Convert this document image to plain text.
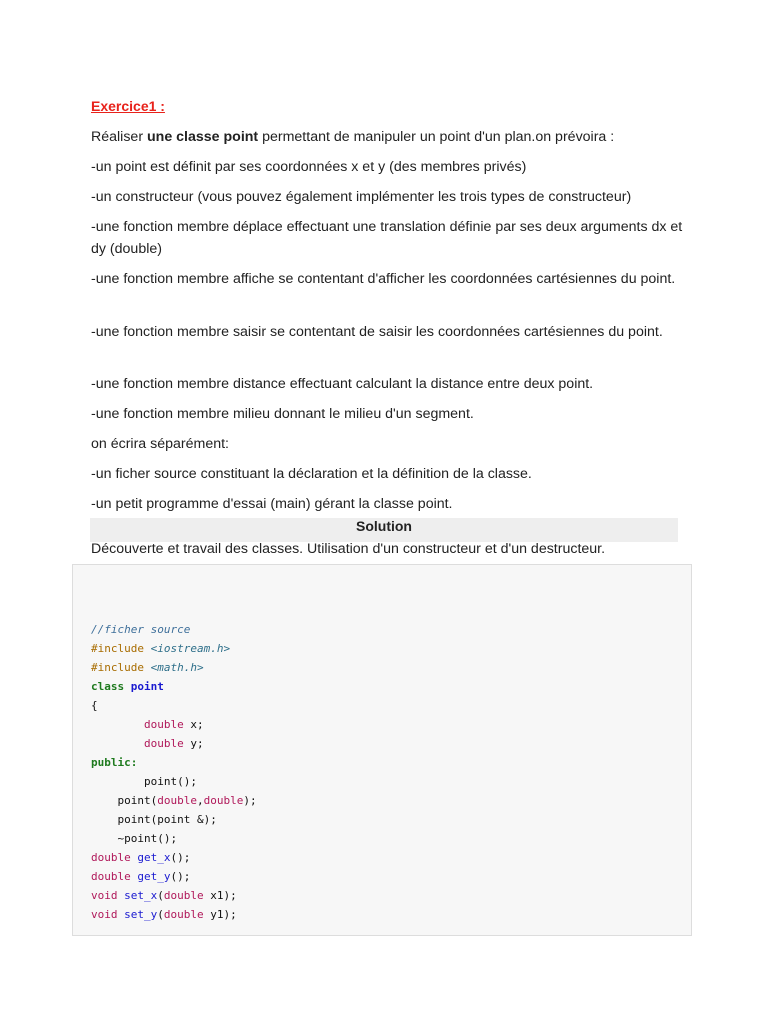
Exercice1 :

Réaliser une classe point permettant de manipuler un point d'un plan.on prévoira :

-un point est définit par ses coordonnées x et y (des membres privés)

-un constructeur (vous pouvez également implémenter les trois types de constructeur)

-une fonction membre déplace effectuant une translation définie par ses deux arguments dx et dy (double)

-une fonction membre affiche se contentant d'afficher les coordonnées cartésiennes du point.

-une fonction membre saisir se contentant de saisir les coordonnées cartésiennes du point.

-une fonction membre distance effectuant calculant la distance entre deux point.

-une fonction membre milieu donnant le milieu d'un segment.

on écrira séparément:

-un ficher source constituant la déclaration et la définition de la classe.

-un petit programme d'essai (main) gérant la classe point.

Solution

Découverte et travail des classes. Utilisation d'un constructeur et d'un destructeur.

//ficher source
#include <iostream.h>
#include <math.h>
class point
{
double x;
double y;
public:
point();
point(double,double);
point(point &);
~point();
double get_x();
double get_y();
void set_x(double x1);
void set_y(double y1);
